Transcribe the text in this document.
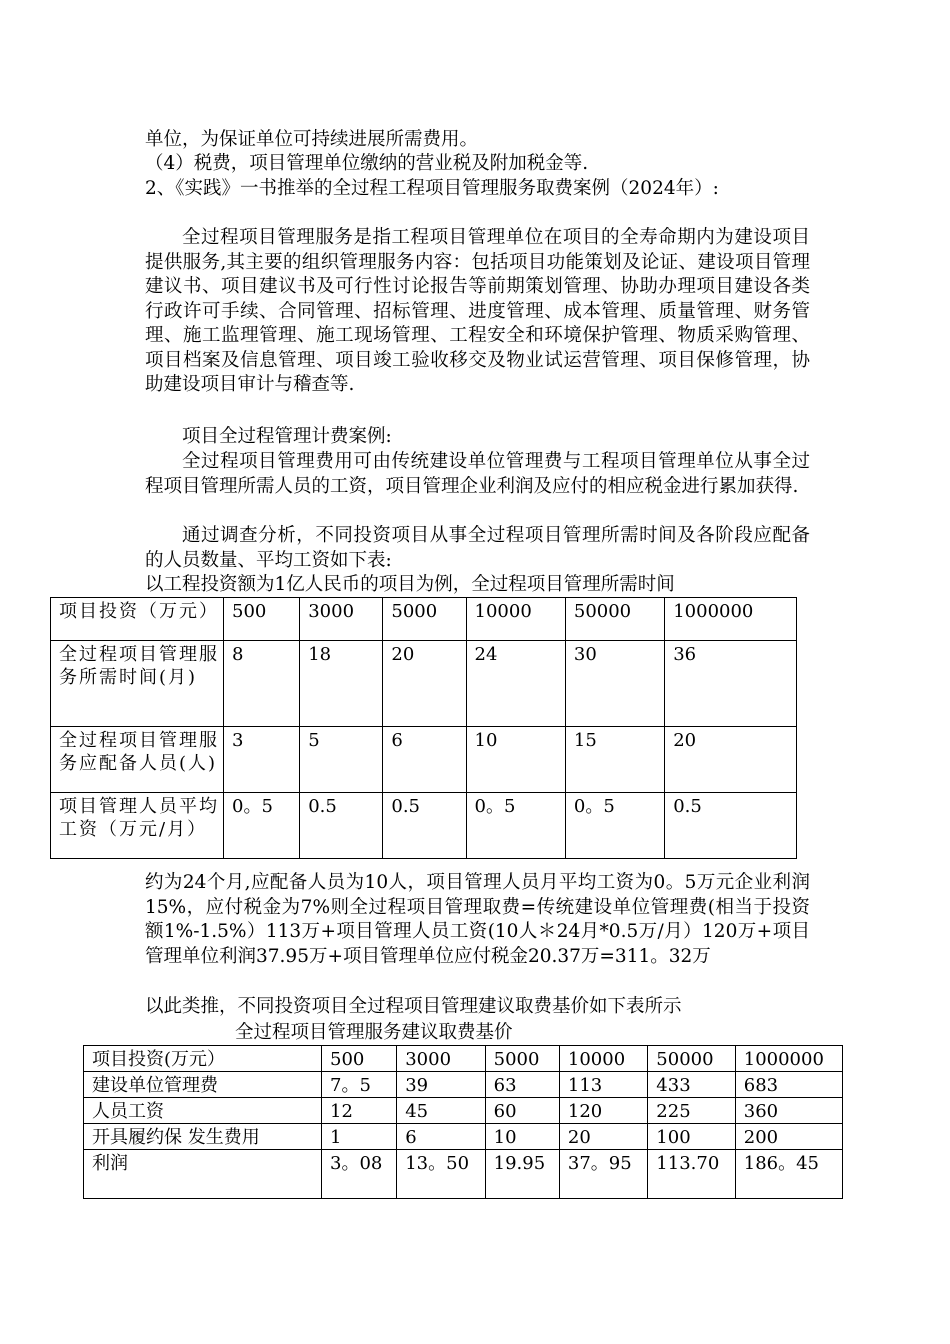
单位，为保证单位可持续进展所需费用。

（4）税费，项目管理单位缴纳的营业税及附加税金等.

2、《实践》一书推举的全过程工程项目管理服务取费案例（2024年）:

全过程项目管理服务是指工程项目管理单位在项目的全寿命期内为建设项目提供服务,其主要的组织管理服务内容：包括项目功能策划及论证、建设项目管理建议书、项目建议书及可行性讨论报告等前期策划管理、协助办理项目建设各类行政许可手续、合同管理、招标管理、进度管理、成本管理、质量管理、财务管理、施工监理管理、施工现场管理、工程安全和环境保护管理、物质采购管理、项目档案及信息管理、项目竣工验收移交及物业试运营管理、项目保修管理，协助建设项目审计与稽查等.

项目全过程管理计费案例:

全过程项目管理费用可由传统建设单位管理费与工程项目管理单位从事全过程项目管理所需人员的工资，项目管理企业利润及应付的相应税金进行累加获得.

通过调查分析，不同投资项目从事全过程项目管理所需时间及各阶段应配备的人员数量、平均工资如下表:

以工程投资额为1亿人民币的项目为例，全过程项目管理所需时间

项目投资（万元）	500	3000	5000	10000	50000	1000000
全过程项目管理服务所需时间(月)	8	18	20	24	30	36
全过程项目管理服务应配备人员(人)	3	5	6	10	15	20
项目管理人员平均工资（万元/月）	0。5	0.5	0.5	0。5	0。5	0.5

约为24个月,应配备人员为10人，项目管理人员月平均工资为0。5万元企业利润15%，应付税金为7%则全过程项目管理取费=传统建设单位管理费(相当于投资额1%-1.5%）113万+项目管理人员工资(10人＊24月*0.5万/月）120万+项目管理单位利润37.95万+项目管理单位应付税金20.37万=311。32万

以此类推，不同投资项目全过程项目管理建议取费基价如下表所示

全过程项目管理服务建议取费基价
项目投资(万元）	500	3000	5000	10000	50000	1000000
建设单位管理费	7。5	39	63	113	433	683
人员工资	12	45	60	120	225	360
开具履约保 发生费用	1	6	10	20	100	200
利润	3。08	13。50	19.95	37。95	113.70	186。45
